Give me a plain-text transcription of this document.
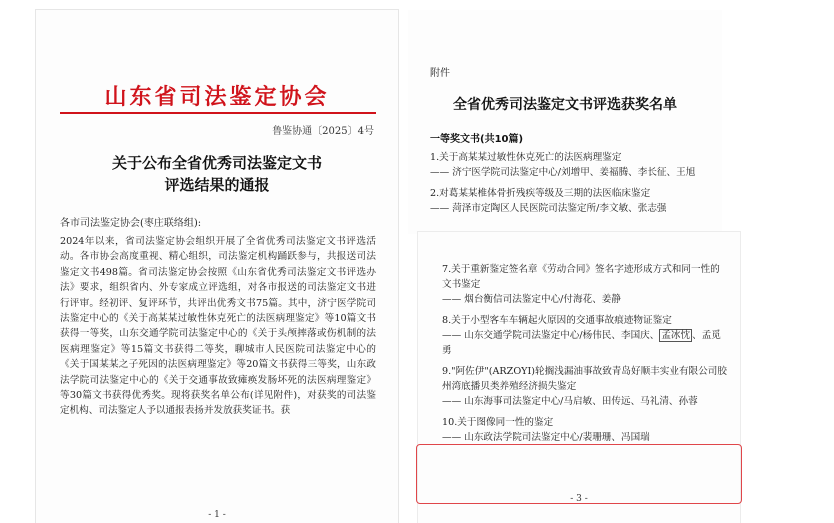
山东省司法鉴定协会
鲁鉴协通〔2025〕4号
关于公布全省优秀司法鉴定文书
评选结果的通报
各市司法鉴定协会(枣庄联络组):

2024年以来，省司法鉴定协会组织开展了全省优秀司法鉴定文书评选活动。各市协会高度重视、精心组织，司法鉴定机构踊跃参与，共报送司法鉴定文书498篇。省司法鉴定协会按照《山东省优秀司法鉴定文书评选办法》要求，组织省内、外专家成立评选组，对各市报送的司法鉴定文书进行评审。经初评、复评环节，共评出优秀文书75篇。其中，济宁医学院司法鉴定中心的《关于高某某过敏性休克死亡的法医病理鉴定》等10篇文书获得一等奖，山东交通学院司法鉴定中心的《关于头颅摔落或伤机制的法医病理鉴定》等15篇文书获得二等奖，聊城市人民医院司法鉴定中心的《关于国某某之子死因的法医病理鉴定》等20篇文书获得三等奖，山东政法学院司法鉴定中心的《关于交通事故致瘫痪发肠坏死的法医病理鉴定》等30篇文书获得优秀奖。现将获奖名单公布(详见附件)，对获奖的司法鉴定机构、司法鉴定人予以通报表扬并发放获奖证书。获

- 1 -
附件
全省优秀司法鉴定文书评选获奖名单
一等奖文书(共10篇)
1.关于高某某过敏性休克死亡的法医病理鉴定
—— 济宁医学院司法鉴定中心/刘增甲、姜福腾、李长征、王旭
2.对葛某某椎体骨折残疾等级及三期的法医临床鉴定
—— 菏泽市定陶区人民医院司法鉴定所/李文敏、张志强
7.关于重新鉴定签名章《劳动合同》签名字迹形成方式和同一性的文书鉴定
—— 烟台衡信司法鉴定中心/付海花、姜静
8.关于小型客车车辆起火原因的交通事故痕迹物证鉴定
—— 山东交通学院司法鉴定中心/杨伟民、李国庆、 孟冰忱 、孟觅勇
9."阿佐伊"(ARZOYI)轮搁浅漏油事故致青岛好顺丰实业有限公司胶州湾底播贝类养殖经济损失鉴定
—— 山东海事司法鉴定中心/马启敏、田传远、马礼清、孙蓉
10.关于图像同一性的鉴定
—— 山东政法学院司法鉴定中心/裴珊珊、冯国瑞
- 3 -
